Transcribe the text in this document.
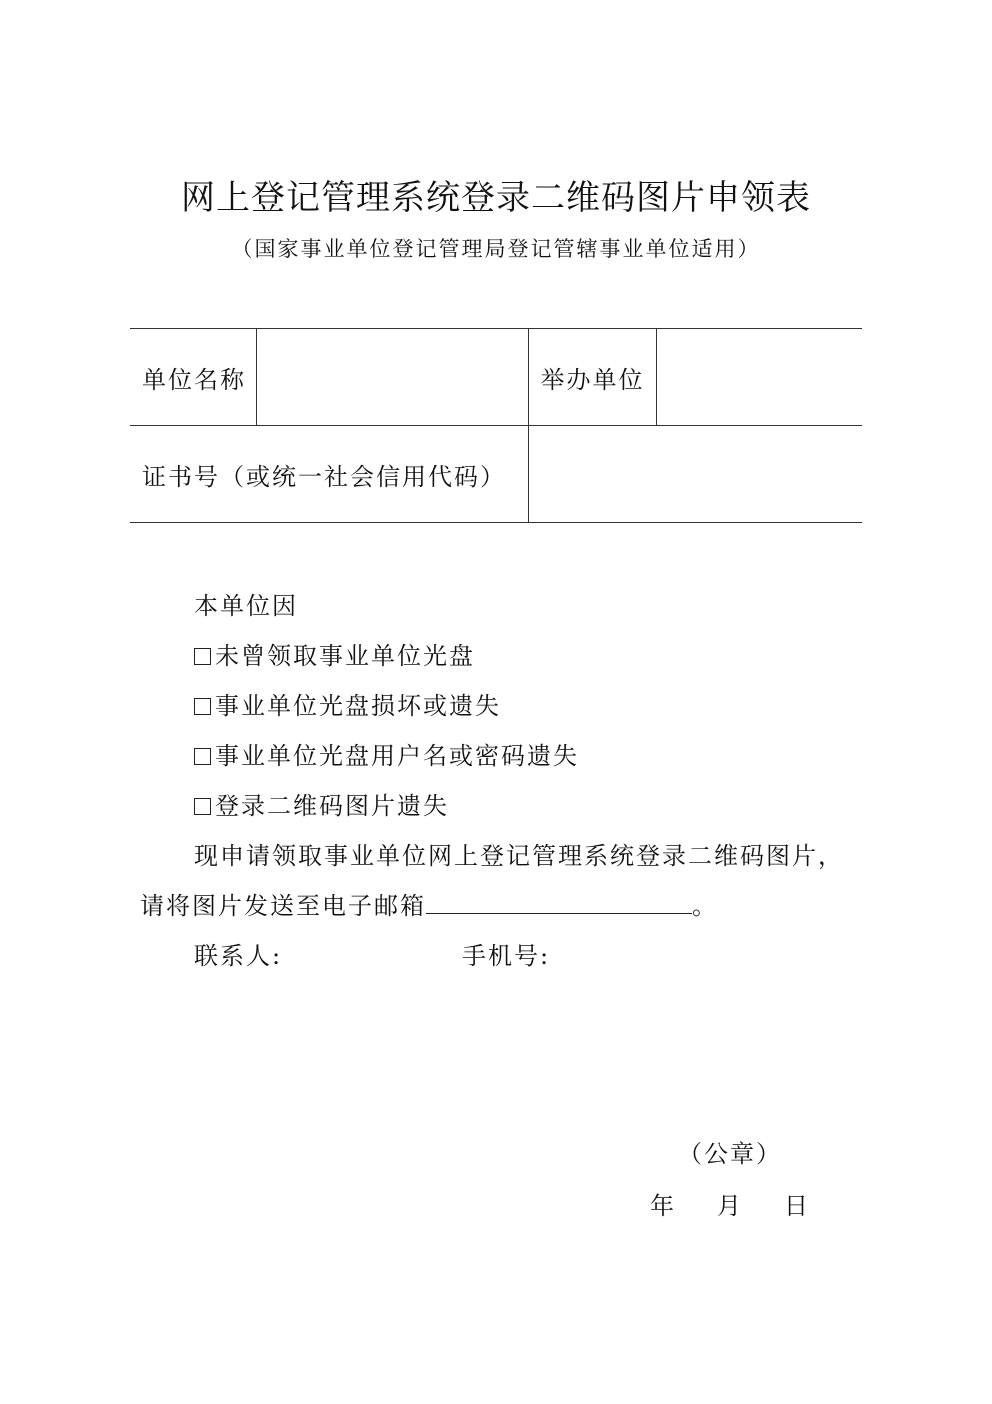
网上登记管理系统登录二维码图片申领表
（国家事业单位登记管理局登记管辖事业单位适用）
单位名称		举办单位	
证书号（或统一社会信用代码）			
本单位因
未曾领取事业单位光盘
事业单位光盘损坏或遗失
事业单位光盘用户名或密码遗失
登录二维码图片遗失
现申请领取事业单位网上登记管理系统登录二维码图片，
请将图片发送至电子邮箱	。
联系人:	手机号:
（公章）
年 月 日
